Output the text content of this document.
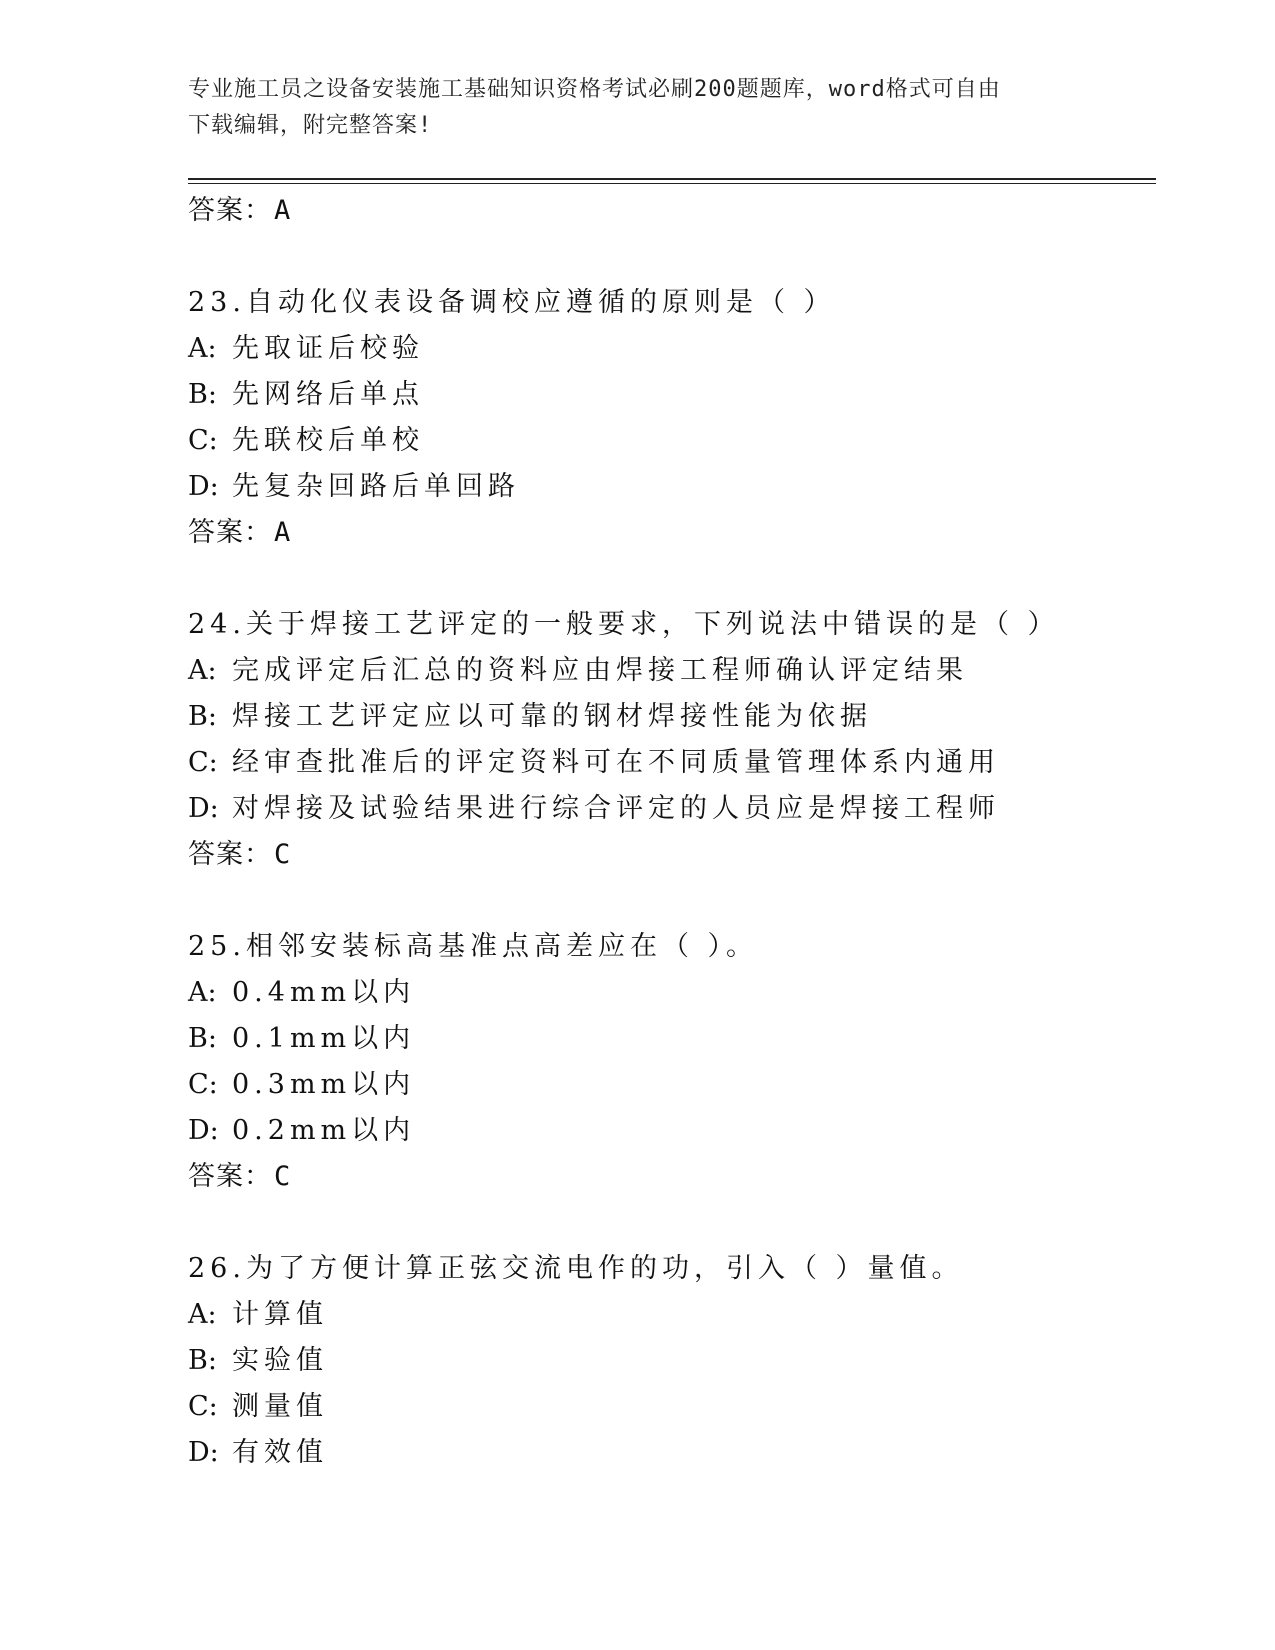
专业施工员之设备安装施工基础知识资格考试必刷200题题库，word格式可自由
下载编辑，附完整答案!
答案：A
23.自动化仪表设备调校应遵循的原则是（ ）
A: 先取证后校验
B: 先网络后单点
C: 先联校后单校
D: 先复杂回路后单回路
答案：A
24.关于焊接工艺评定的一般要求，下列说法中错误的是（ ）
A: 完成评定后汇总的资料应由焊接工程师确认评定结果
B: 焊接工艺评定应以可靠的钢材焊接性能为依据
C: 经审查批准后的评定资料可在不同质量管理体系内通用
D: 对焊接及试验结果进行综合评定的人员应是焊接工程师
答案：C
25.相邻安装标高基准点高差应在（ ）。
A: 0.4mm以内
B: 0.1mm以内
C: 0.3mm以内
D: 0.2mm以内
答案：C
26.为了方便计算正弦交流电作的功，引入（ ）量值。
A: 计算值
B: 实验值
C: 测量值
D: 有效值
